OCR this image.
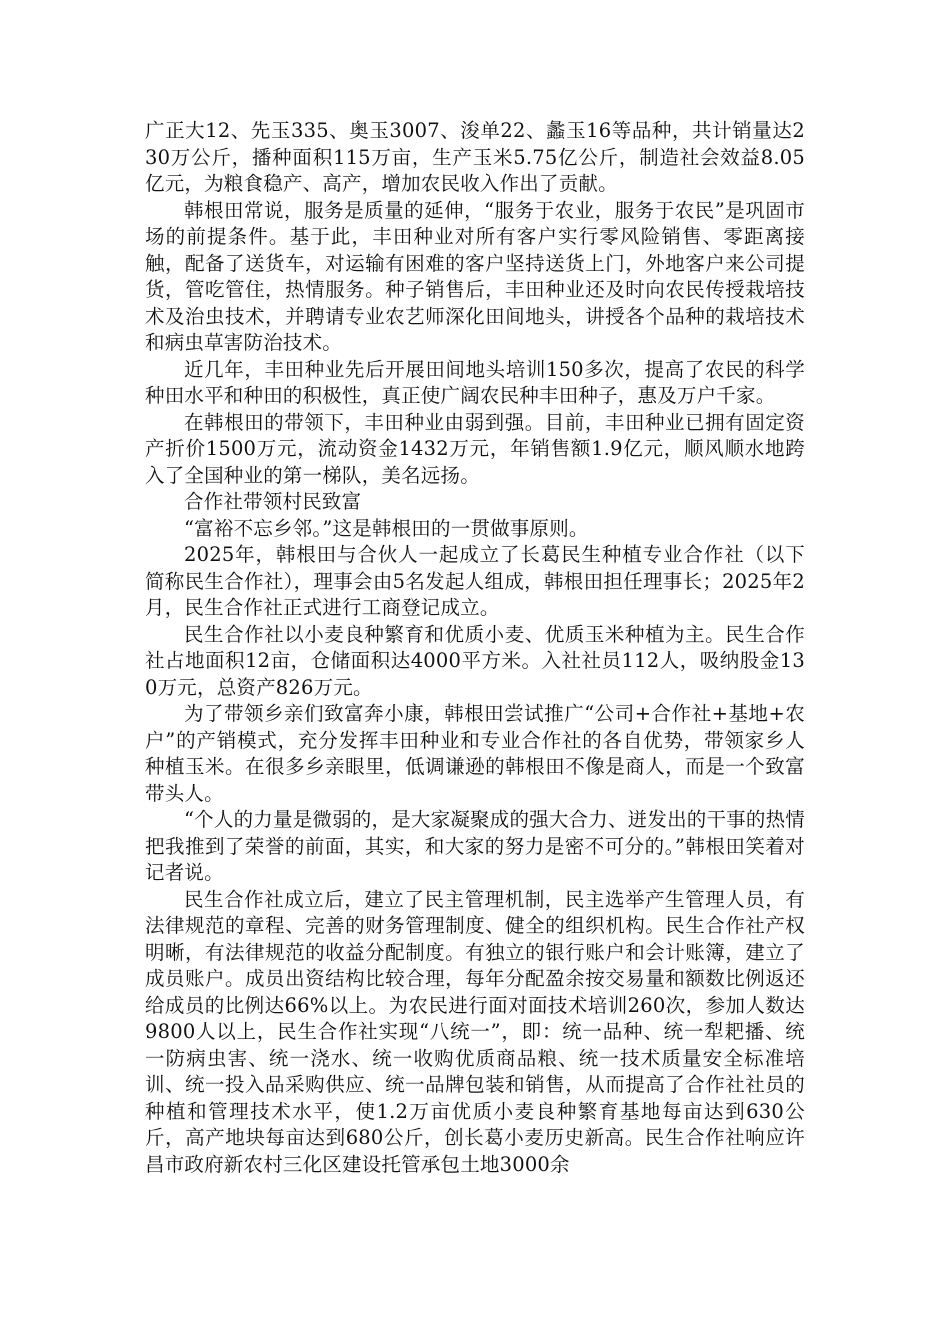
广正大12、先玉335、奥玉3007、浚单22、蠡玉16等品种，共计销量达230万公斤，播种面积115万亩，生产玉米5.75亿公斤，制造社会效益8.05亿元，为粮食稳产、高产，增加农民收入作出了贡献。

韩根田常说，服务是质量的延伸，“服务于农业，服务于农民”是巩固市场的前提条件。基于此，丰田种业对所有客户实行零风险销售、零距离接触，配备了送货车，对运输有困难的客户坚持送货上门，外地客户来公司提货，管吃管住，热情服务。种子销售后，丰田种业还及时向农民传授栽培技术及治虫技术，并聘请专业农艺师深化田间地头，讲授各个品种的栽培技术和病虫草害防治技术。

近几年，丰田种业先后开展田间地头培训150多次，提高了农民的科学种田水平和种田的积极性，真正使广阔农民种丰田种子，惠及万户千家。

在韩根田的带领下，丰田种业由弱到强。目前，丰田种业已拥有固定资产折价1500万元，流动资金1432万元，年销售额1.9亿元，顺风顺水地跨入了全国种业的第一梯队，美名远扬。

合作社带领村民致富

“富裕不忘乡邻。”这是韩根田的一贯做事原则。

2025年，韩根田与合伙人一起成立了长葛民生种植专业合作社（以下简称民生合作社），理事会由5名发起人组成，韩根田担任理事长；2025年2月，民生合作社正式进行工商登记成立。

民生合作社以小麦良种繁育和优质小麦、优质玉米种植为主。民生合作社占地面积12亩，仓储面积达4000平方米。入社社员112人，吸纳股金130万元，总资产826万元。

为了带领乡亲们致富奔小康，韩根田尝试推广“公司+合作社+基地+农户”的产销模式，充分发挥丰田种业和专业合作社的各自优势，带领家乡人种植玉米。在很多乡亲眼里，低调谦逊的韩根田不像是商人，而是一个致富带头人。

“个人的力量是微弱的，是大家凝聚成的强大合力、迸发出的干事的热情把我推到了荣誉的前面，其实，和大家的努力是密不可分的。”韩根田笑着对记者说。

民生合作社成立后，建立了民主管理机制，民主选举产生管理人员，有法律规范的章程、完善的财务管理制度、健全的组织机构。民生合作社产权明晰，有法律规范的收益分配制度。有独立的银行账户和会计账簿，建立了成员账户。成员出资结构比较合理，每年分配盈余按交易量和额数比例返还给成员的比例达66%以上。为农民进行面对面技术培训260次，参加人数达9800人以上，民生合作社实现“八统一”，即：统一品种、统一犁耙播、统一防病虫害、统一浇水、统一收购优质商品粮、统一技术质量安全标准培训、统一投入品采购供应、统一品牌包装和销售，从而提高了合作社社员的种植和管理技术水平，使1.2万亩优质小麦良种繁育基地每亩达到630公斤，高产地块每亩达到680公斤，创长葛小麦历史新高。民生合作社响应许昌市政府新农村三化区建设托管承包土地3000余
